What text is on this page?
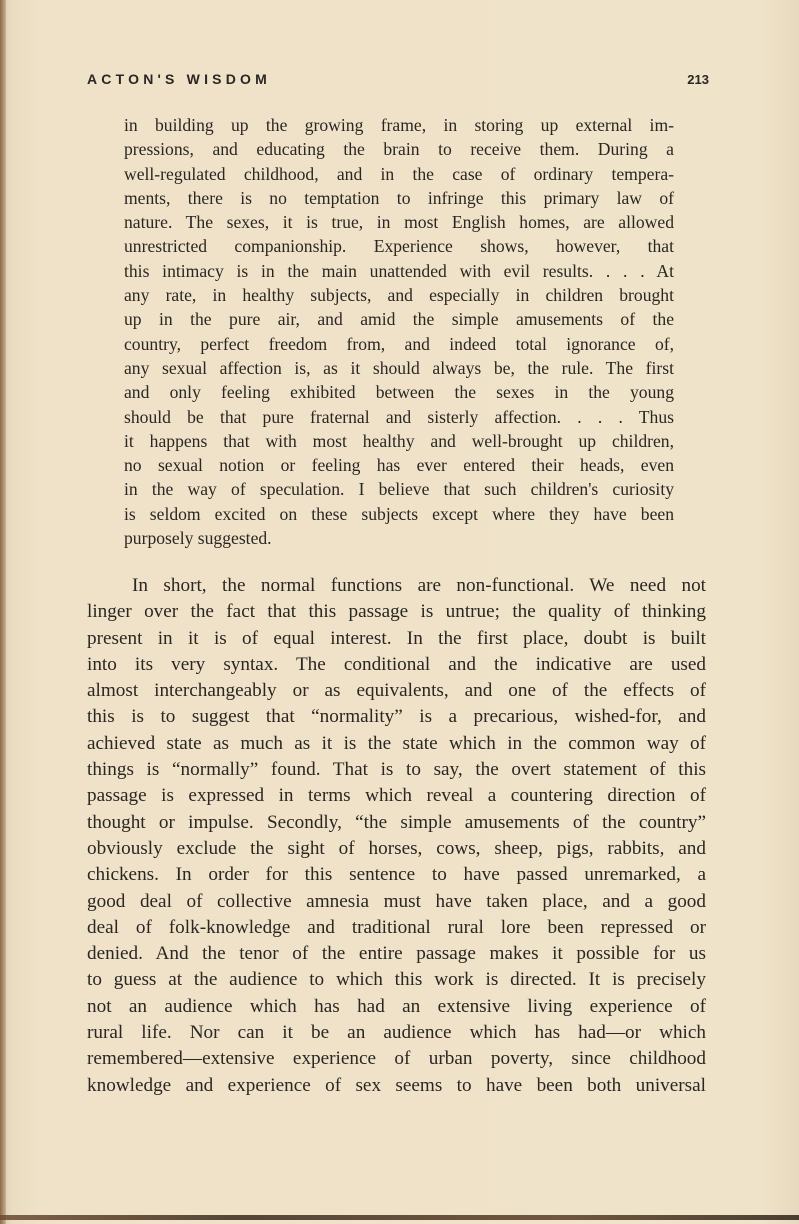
ACTON'S WISDOM	213
in building up the growing frame, in storing up external im-
pressions, and educating the brain to receive them. During a
well-regulated childhood, and in the case of ordinary tempera-
ments, there is no temptation to infringe this primary law of
nature. The sexes, it is true, in most English homes, are allowed
unrestricted companionship. Experience shows, however, that
this intimacy is in the main unattended with evil results. . . . At
any rate, in healthy subjects, and especially in children brought
up in the pure air, and amid the simple amusements of the
country, perfect freedom from, and indeed total ignorance of,
any sexual affection is, as it should always be, the rule. The first
and only feeling exhibited between the sexes in the young
should be that pure fraternal and sisterly affection. . . . Thus
it happens that with most healthy and well-brought up children,
no sexual notion or feeling has ever entered their heads, even
in the way of speculation. I believe that such children's curiosity
is seldom excited on these subjects except where they have been
purposely suggested.
In short, the normal functions are non-functional. We need not
linger over the fact that this passage is untrue; the quality of thinking
present in it is of equal interest. In the first place, doubt is built
into its very syntax. The conditional and the indicative are used
almost interchangeably or as equivalents, and one of the effects of
this is to suggest that “normality” is a precarious, wished-for, and
achieved state as much as it is the state which in the common way of
things is “normally” found. That is to say, the overt statement of this
passage is expressed in terms which reveal a countering direction of
thought or impulse. Secondly, “the simple amusements of the country”
obviously exclude the sight of horses, cows, sheep, pigs, rabbits, and
chickens. In order for this sentence to have passed unremarked, a
good deal of collective amnesia must have taken place, and a good
deal of folk-knowledge and traditional rural lore been repressed or
denied. And the tenor of the entire passage makes it possible for us
to guess at the audience to which this work is directed. It is precisely
not an audience which has had an extensive living experience of
rural life. Nor can it be an audience which has had—or which
remembered—extensive experience of urban poverty, since childhood
knowledge and experience of sex seems to have been both universal
